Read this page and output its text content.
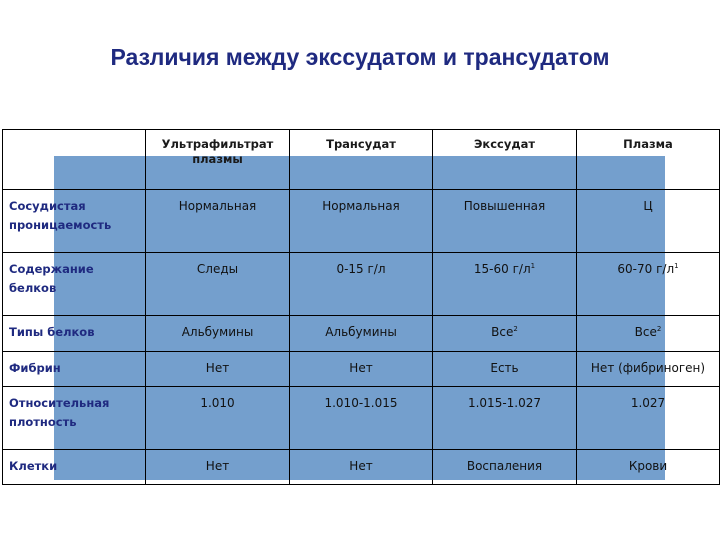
Различия между экссудатом и трансудатом
	Ультрафильтрат плазмы	Трансудат	Экссудат	Плазма
Сосудистая проницаемость	Нормальная	Нормальная	Повышенная	Ц
Содержание белков	Следы	0-15 г/л	15-60 $г/л^1$	60-70 $г/л^1$
Типы белков	Альбумины	Альбумины	Все$^2$	Все$^2$
Фибрин	Нет	Нет	Есть	Нет (фибриноген)
Относительная плотность	1.010	1.010-1.015	1.015-1.027	1.027
Клетки	Нет	Нет	Воспаления	Крови
